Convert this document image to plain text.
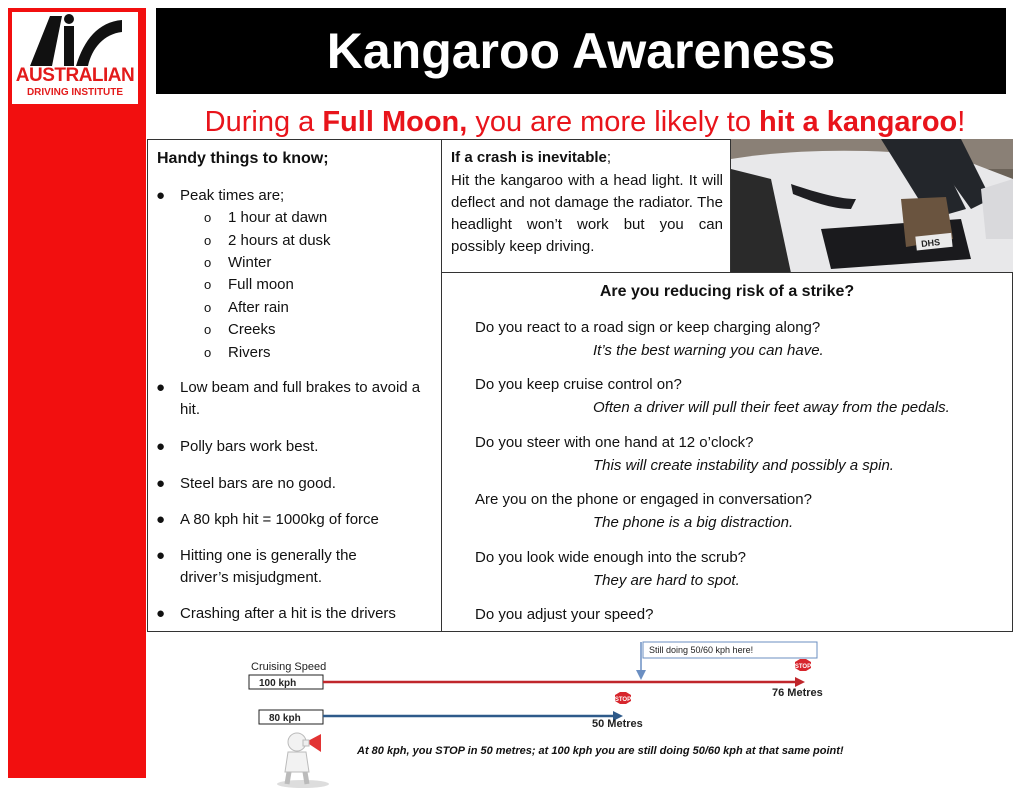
AUSTRALIAN
DRIVING INSTITUTE
Kangaroo Awareness
During a Full Moon, you are more likely to hit a kangaroo!
Handy things to know;
● Peak times are;
o 1 hour at dawn
o 2 hours at dusk
o Winter
o Full moon
o After rain
o Creeks
o Rivers
● Low beam and full brakes to avoid a hit.
● Polly bars work best.
● Steel bars are no good.
● A 80 kph hit = 1000kg of force
● Hitting one is generally the driver’s misjudgment.
● Crashing after a hit is the drivers
If a crash is inevitable;
Hit the kangaroo with a head light. It will deflect and not damage the radiator. The headlight won’t work but you can possibly keep driving.	DHS
Are you reducing risk of a strike?
Do you react to a road sign or keep charging along?
It’s the best warning you can have.
Do you keep cruise control on?
Often a driver will pull their feet away from the pedals.
Do you steer with one hand at 12 o’clock?
This will create instability and possibly a spin.
Are you on the phone or engaged in conversation?
The phone is a big distraction.
Do you look wide enough into the scrub?
They are hard to spot.
Do you adjust your speed?
Cruising Speed
100 kph
80 kph
Still doing 50/60 kph here!
STOP
STOP
76 Metres
50 Metres
At 80 kph, you STOP in 50 metres; at 100 kph you are still doing 50/60 kph at that same point!
